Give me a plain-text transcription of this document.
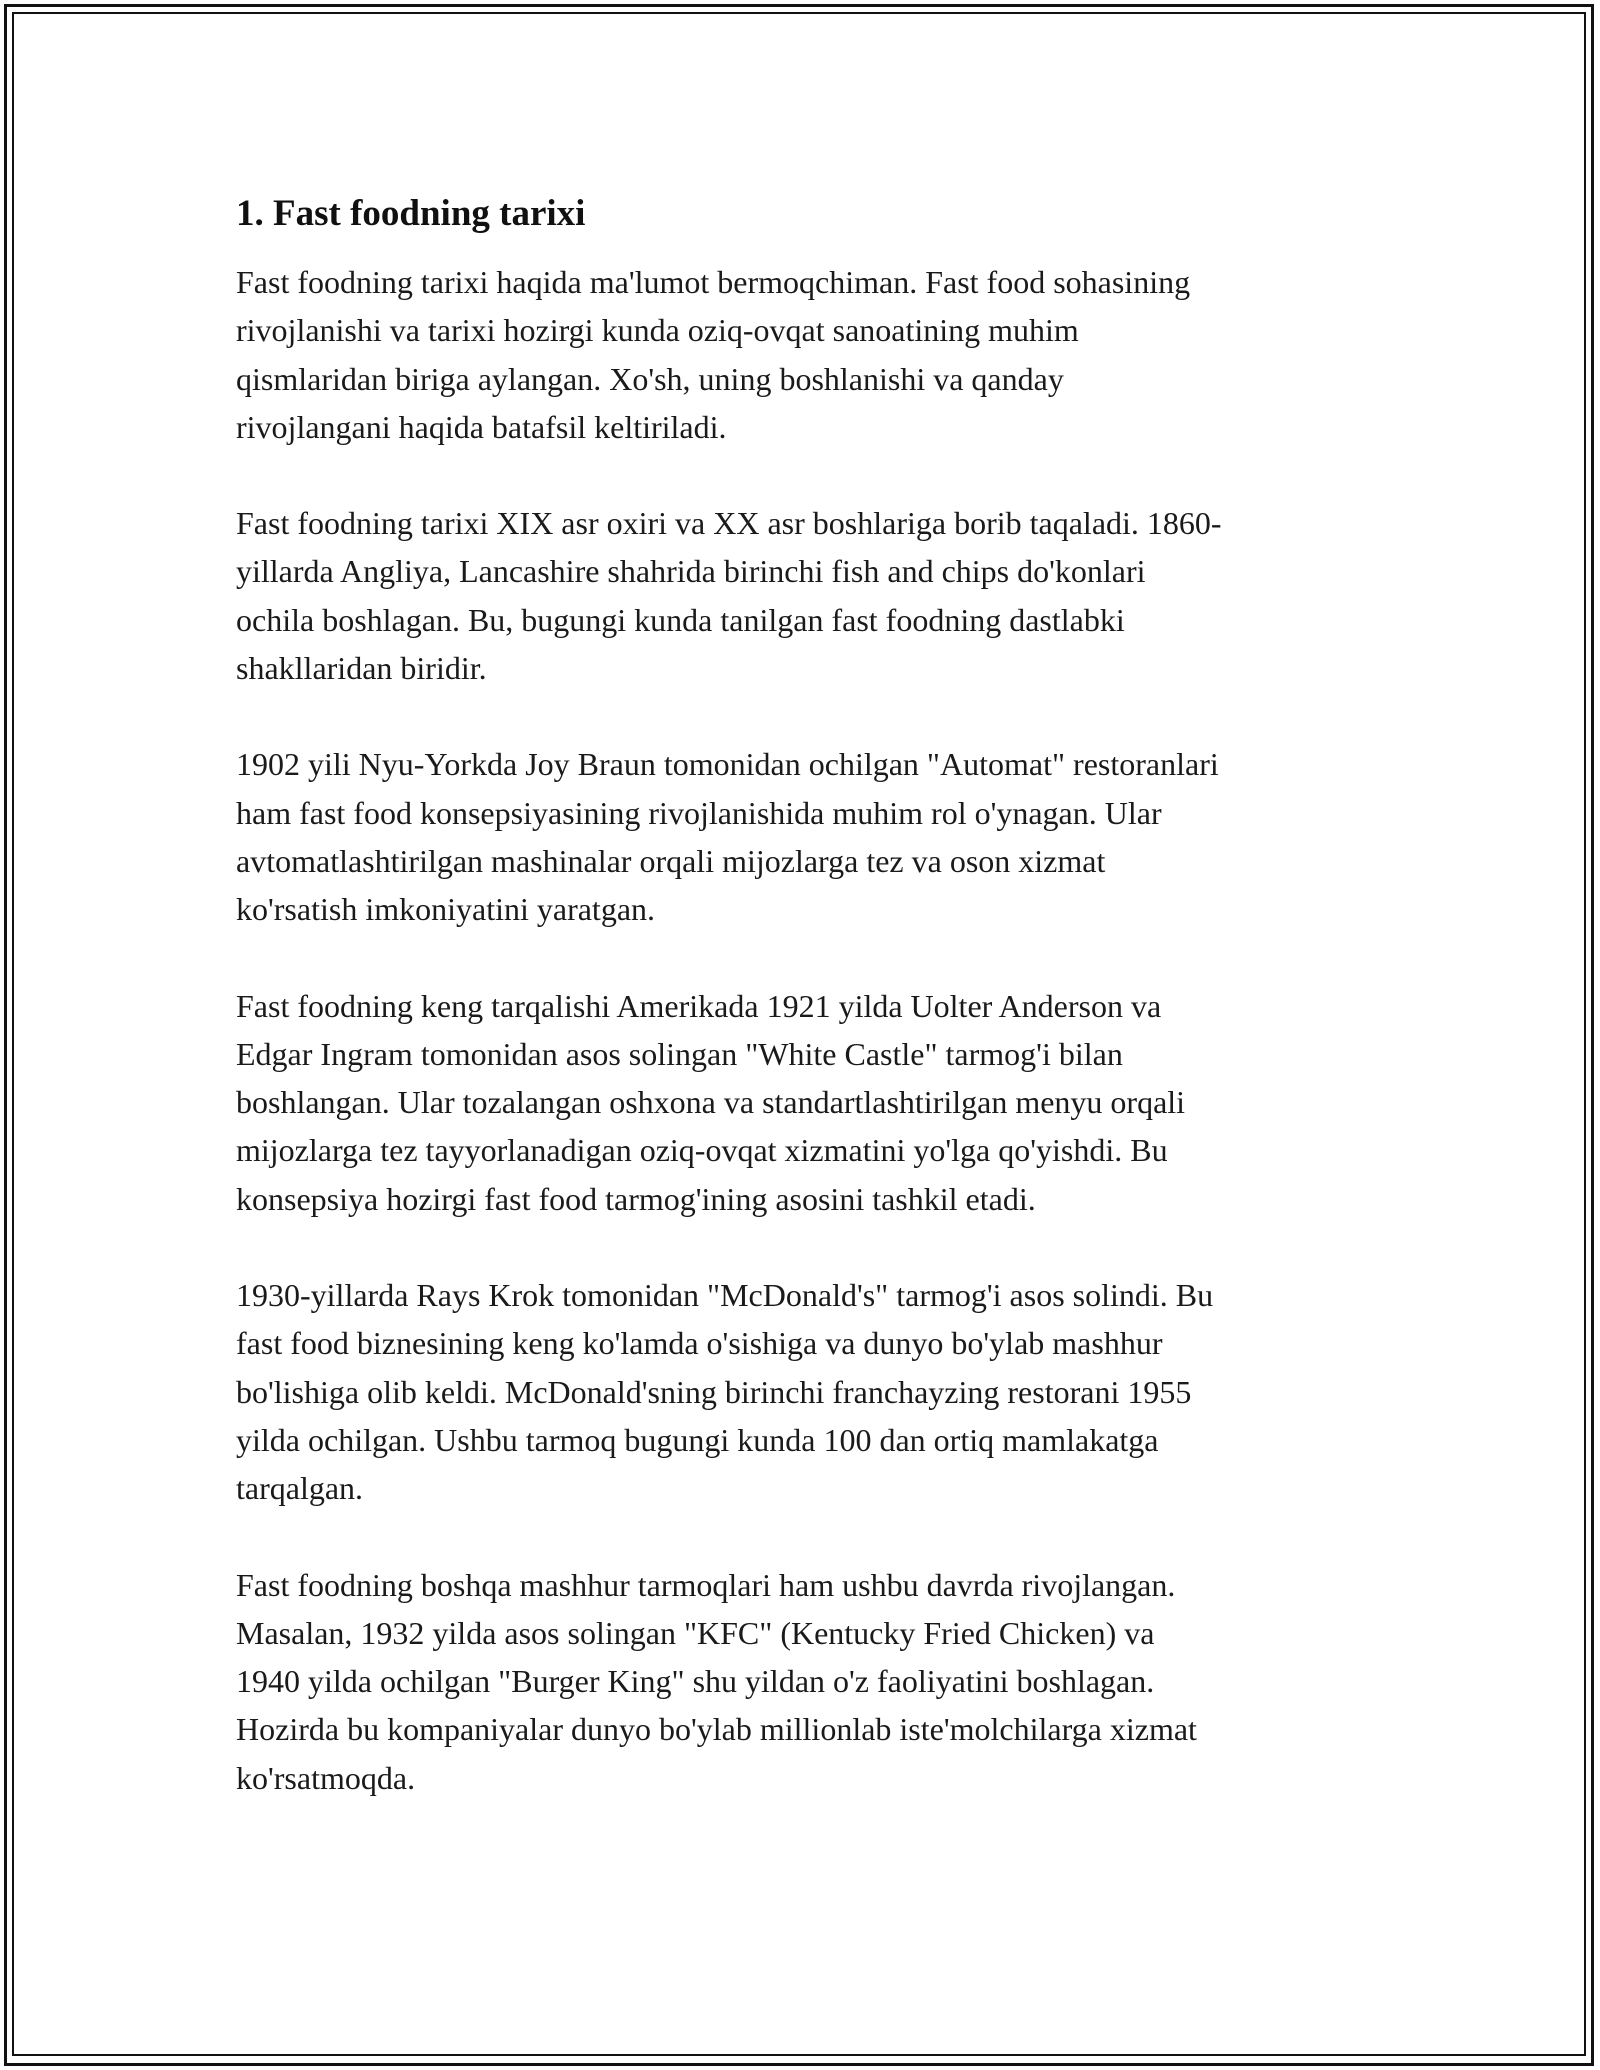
1. Fast foodning tarixi

Fast foodning tarixi haqida ma'lumot bermoqchiman. Fast food sohasining
rivojlanishi va tarixi hozirgi kunda oziq-ovqat sanoatining muhim
qismlaridan biriga aylangan. Xo'sh, uning boshlanishi va qanday
rivojlangani haqida batafsil keltiriladi.

Fast foodning tarixi XIX asr oxiri va XX asr boshlariga borib taqaladi. 1860-
yillarda Angliya, Lancashire shahrida birinchi fish and chips do'konlari
ochila boshlagan. Bu, bugungi kunda tanilgan fast foodning dastlabki
shakllaridan biridir.

1902 yili Nyu-Yorkda Joy Braun tomonidan ochilgan "Automat" restoranlari
ham fast food konsepsiyasining rivojlanishida muhim rol o'ynagan. Ular
avtomatlashtirilgan mashinalar orqali mijozlarga tez va oson xizmat
ko'rsatish imkoniyatini yaratgan.

Fast foodning keng tarqalishi Amerikada 1921 yilda Uolter Anderson va
Edgar Ingram tomonidan asos solingan "White Castle" tarmog'i bilan
boshlangan. Ular tozalangan oshxona va standartlashtirilgan menyu orqali
mijozlarga tez tayyorlanadigan oziq-ovqat xizmatini yo'lga qo'yishdi. Bu
konsepsiya hozirgi fast food tarmog'ining asosini tashkil etadi.

1930-yillarda Rays Krok tomonidan "McDonald's" tarmog'i asos solindi. Bu
fast food biznesining keng ko'lamda o'sishiga va dunyo bo'ylab mashhur
bo'lishiga olib keldi. McDonald'sning birinchi franchayzing restorani 1955
yilda ochilgan. Ushbu tarmoq bugungi kunda 100 dan ortiq mamlakatga
tarqalgan.

Fast foodning boshqa mashhur tarmoqlari ham ushbu davrda rivojlangan.
Masalan, 1932 yilda asos solingan "KFC" (Kentucky Fried Chicken) va
1940 yilda ochilgan "Burger King" shu yildan o'z faoliyatini boshlagan.
Hozirda bu kompaniyalar dunyo bo'ylab millionlab iste'molchilarga xizmat
ko'rsatmoqda.
